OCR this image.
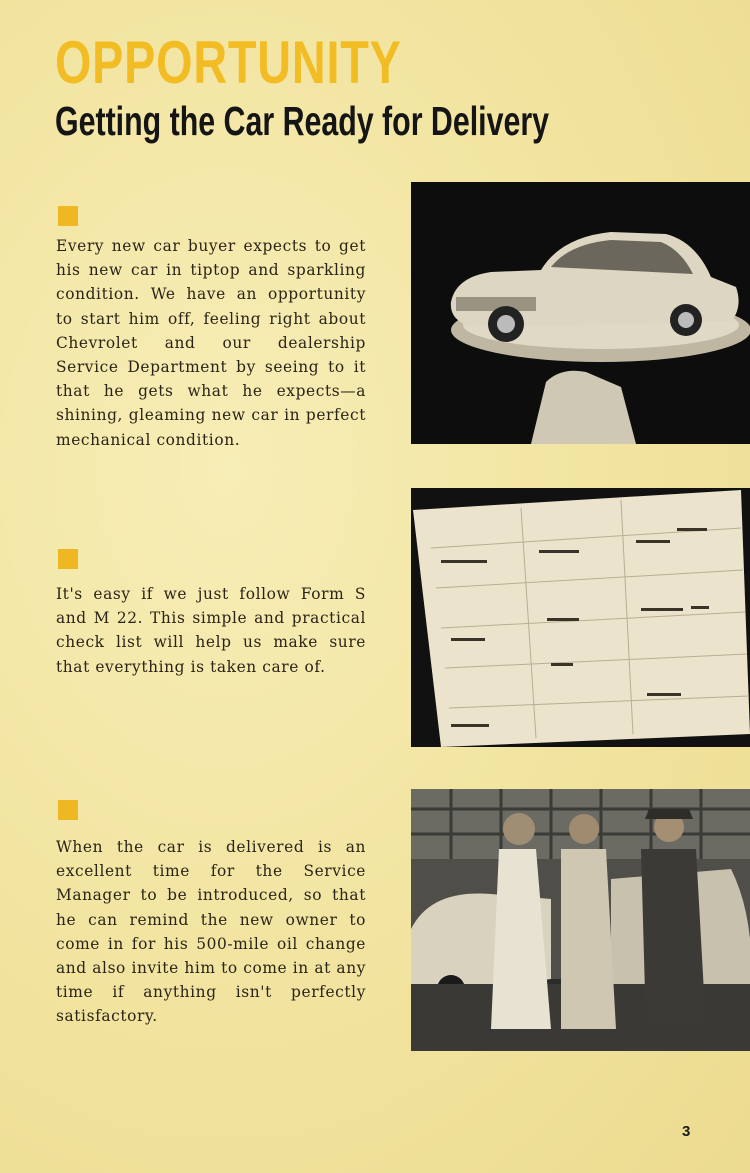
OPPORTUNITY
Getting the Car Ready for Delivery

Every new car buyer expects to get his new car in tiptop and sparkling condition. We have an opportunity to start him off, feeling right about Chevrolet and our dealership Service Department by seeing to it that he gets what he expects—a shining, gleaming new car in perfect mechanical condition.

It's easy if we just follow Form S and M 22. This simple and practical check list will help us make sure that everything is taken care of.

When the car is delivered is an excellent time for the Service Manager to be introduced, so that he can remind the new owner to come in for his 500-mile oil change and also invite him to come in at any time if anything isn't perfectly satisfactory.

3
